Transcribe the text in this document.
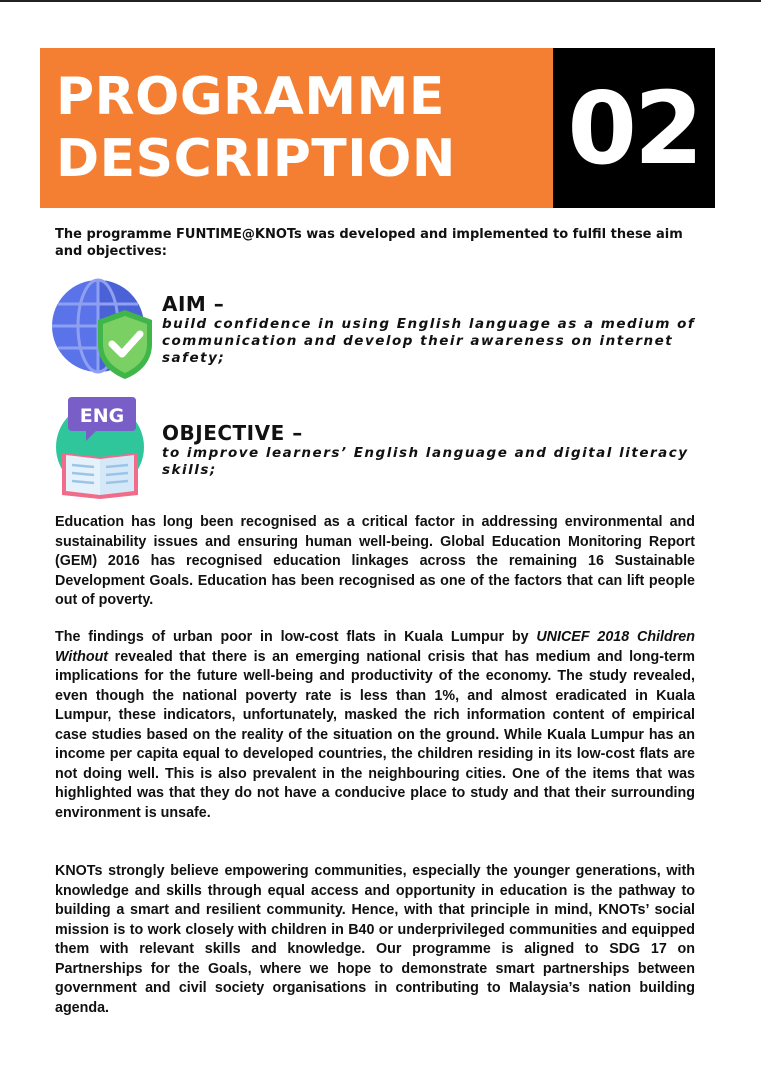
PROGRAMME
DESCRIPTION 02

The programme FUNTIME@KNOTs was developed and implemented to fulfil these aim and objectives:

AIM –

build confidence in using English language as a medium of communication and develop their awareness on internet safety;

ENG

OBJECTIVE –

to improve learners’ English language and digital literacy skills;

Education has long been recognised as a critical factor in addressing environmental and sustainability issues and ensuring human well-being. Global Education Monitoring Report (GEM) 2016 has recognised education linkages across the remaining 16 Sustainable Development Goals. Education has been recognised as one of the factors that can lift people out of poverty.

The findings of urban poor in low-cost flats in Kuala Lumpur by UNICEF 2018 Children Without revealed that there is an emerging national crisis that has medium and long-term implications for the future well-being and productivity of the economy. The study revealed, even though the national poverty rate is less than 1%, and almost eradicated in Kuala Lumpur, these indicators, unfortunately, masked the rich information content of empirical case studies based on the reality of the situation on the ground. While Kuala Lumpur has an income per capita equal to developed countries, the children residing in its low-cost flats are not doing well. This is also prevalent in the neighbouring cities. One of the items that was highlighted was that they do not have a conducive place to study and that their surrounding environment is unsafe.

KNOTs strongly believe empowering communities, especially the younger generations, with knowledge and skills through equal access and opportunity in education is the pathway to building a smart and resilient community. Hence, with that principle in mind, KNOTs’ social mission is to work closely with children in B40 or underprivileged communities and equipped them with relevant skills and knowledge. Our programme is aligned to SDG 17 on Partnerships for the Goals, where we hope to demonstrate smart partnerships between government and civil society organisations in contributing to Malaysia’s nation building agenda.
